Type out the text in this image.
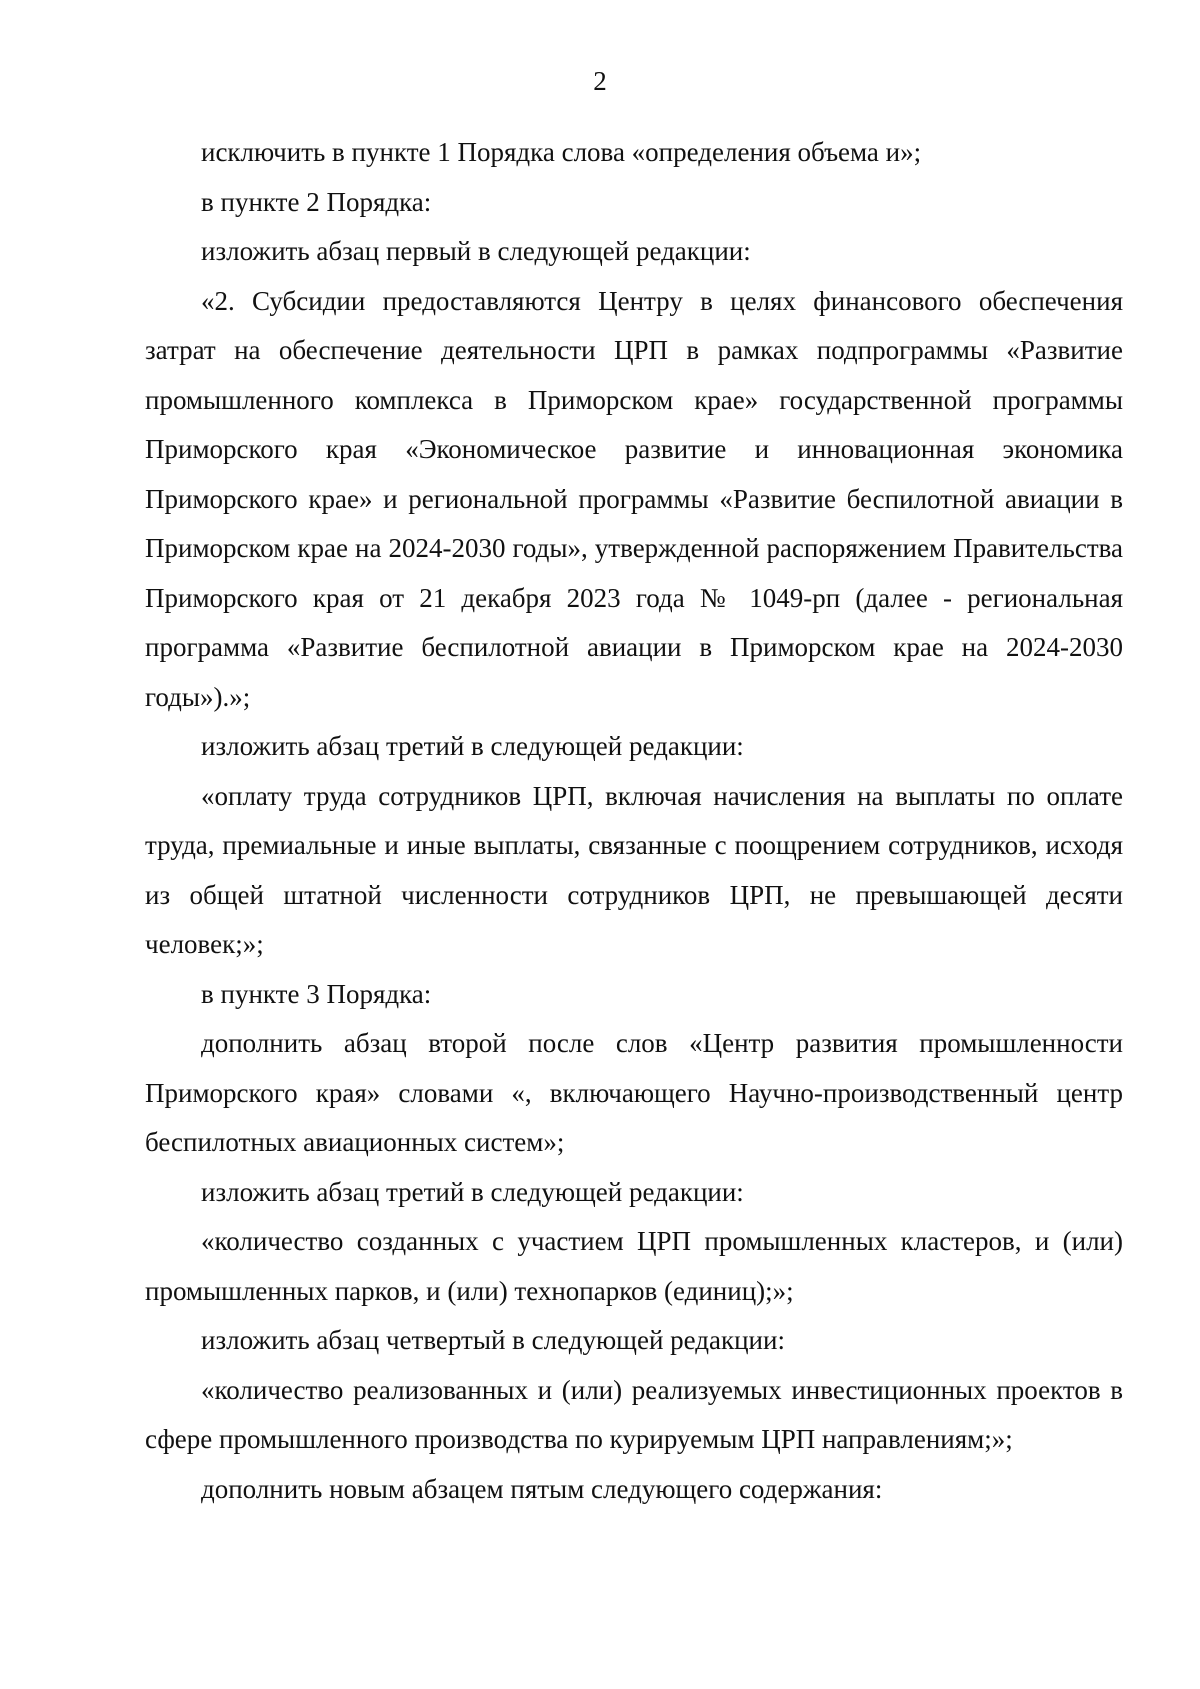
2

исключить в пункте 1 Порядка слова «определения объема и»;

в пункте 2 Порядка:

изложить абзац первый в следующей редакции:

«2. Субсидии предоставляются Центру в целях финансового обеспечения затрат на обеспечение деятельности ЦРП в рамках подпрограммы «Развитие промышленного комплекса в Приморском крае» государственной программы Приморского края «Экономическое развитие и инновационная экономика Приморского крае» и региональной программы «Развитие беспилотной авиации в Приморском крае на 2024-2030 годы», утвержденной распоряжением Правительства Приморского края от 21 декабря 2023 года № 1049-рп (далее - региональная программа «Развитие беспилотной авиации в Приморском крае на 2024-2030 годы»).»;

изложить абзац третий в следующей редакции:

«оплату труда сотрудников ЦРП, включая начисления на выплаты по оплате труда, премиальные и иные выплаты, связанные с поощрением сотрудников, исходя из общей штатной численности сотрудников ЦРП, не превышающей десяти человек;»;

в пункте 3 Порядка:

дополнить абзац второй после слов «Центр развития промышленности Приморского края» словами «, включающего Научно-производственный центр беспилотных авиационных систем»;

изложить абзац третий в следующей редакции:

«количество созданных с участием ЦРП промышленных кластеров, и (или) промышленных парков, и (или) технопарков (единиц);»;

изложить абзац четвертый в следующей редакции:

«количество реализованных и (или) реализуемых инвестиционных проектов в сфере промышленного производства по курируемым ЦРП направлениям;»;

дополнить новым абзацем пятым следующего содержания:
